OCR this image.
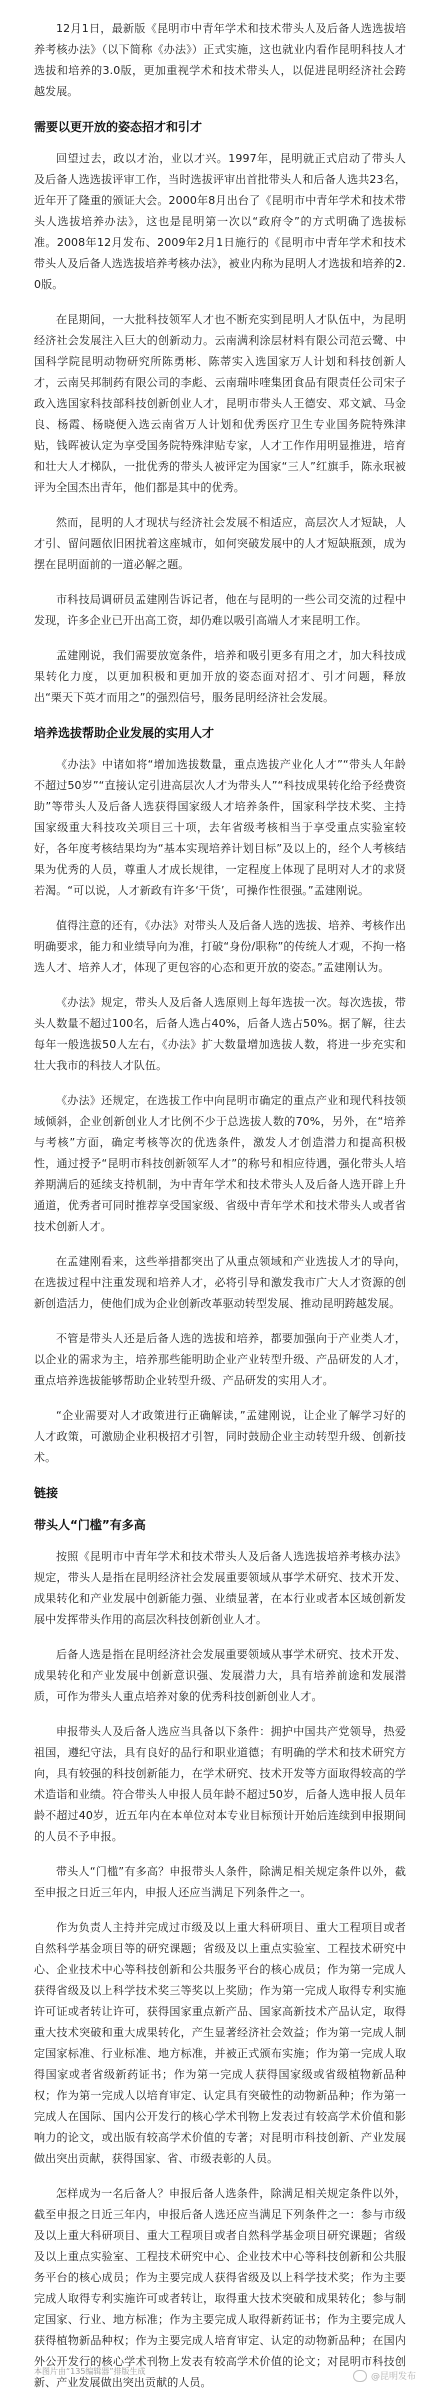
12月1日，最新版《昆明市中青年学术和技术带头人及后备人选选拔培养考核办法》（以下简称《办法》）正式实施，这也就业内看作昆明科技人才选拔和培养的3.0版，更加重视学术和技术带头人，以促进昆明经济社会跨越发展。

需要以更开放的姿态招才和引才

回望过去，政以才治，业以才兴。1997年，昆明就正式启动了带头人及后备人选选拔评审工作，当时选拔评审出首批带头人和后备人选共23名，近年开了隆重的颁证大会。2000年8月出台了《昆明市中青年学术和技术带头人选拔培养办法》，这也是昆明第一次以“政府令”的方式明确了选拔标准。2008年12月发布、2009年2月1日施行的《昆明市中青年学术和技术带头人及后备人选选拔培养考核办法》，被业内称为昆明人才选拔和培养的2.0版。

在昆期间，一大批科技领军人才也不断充实到昆明人才队伍中，为昆明经济社会发展注入巨大的创新动力。云南满利涂层材料有限公司范云鹭、中国科学院昆明动物研究所陈勇彬、陈蒂实入选国家万人计划和科技创新人才，云南吴邦制药有限公司的李彪、云南瑞咔喹集团食品有限责任公司宋子政入选国家科技部科技创新创业人才，昆明市带头人王德安、邓文斌、马金良、杨霞、杨晓便入选云南省万人计划和优秀医疗卫生专业国务院特殊津贴，钱晖被认定为享受国务院特殊津贴专家，人才工作作用明显推进，培育和壮大人才梯队，一批优秀的带头人被评定为国家“三人”红旗手，陈永珉被评为全国杰出青年，他们都是其中的优秀。

然而，昆明的人才现状与经济社会发展不相适应，高层次人才短缺，人才引、留问题依旧困扰着这座城市，如何突破发展中的人才短缺瓶颈，成为摆在昆明面前的一道必解之题。

市科技局调研员孟建刚告诉记者，他在与昆明的一些公司交流的过程中发现，许多企业已开出高工资，却仍难以吸引高端人才来昆明工作。

孟建刚说，我们需要放宽条件，培养和吸引更多有用之才，加大科技成果转化力度，以更加积极和更加开放的姿态面对招才、引才问题，释放出“栗天下英才而用之”的强烈信号，服务昆明经济社会发展。

培养选拔帮助企业发展的实用人才

《办法》中诸如将“增加选拔数量，重点选拔产业化人才”“带头人年龄不超过50岁”“直接认定引进高层次人才为带头人”“科技成果转化给予经费资助”等带头人及后备人选获得国家级人才培养条件，国家科学技术奖、主持国家级重大科技攻关项目三十项，去年省级考核相当于享受重点实验室较好，各年度考核结果均为“基本实现培养计划目标”及以上的，经个人考核结果为优秀的人员，尊重人才成长规律，一定程度上体现了昆明对人才的求贤若渴。“可以说，人才新政有许多‘干货’，可操作性很强。”孟建刚说。

值得注意的还有，《办法》对带头人及后备人选的选拔、培养、考核作出明确要求，能力和业绩导向为准，打破“身份/职称”的传统人才观，不拘一格选人才、培养人才，体现了更包容的心态和更开放的姿态。”孟建刚认为。

《办法》规定，带头人及后备人选原则上每年选拔一次。每次选拔，带头人数量不超过100名，后备人选占40%，后备人选占50%。据了解，往去每年一般选拔50人左右，《办法》扩大数量增加选拔人数，将进一步充实和壮大我市的科技人才队伍。

《办法》还规定，在选拔工作中向昆明市确定的重点产业和现代科技领域倾斜，企业创新创业人才比例不少于总选拔人数的70%，另外，在“培养与考核”方面，确定考核等次的优选条件，激发人才创造潜力和提高积极性，通过授予“昆明市科技创新领军人才”的称号和相应待遇，强化带头人培养期满后的延续支持机制，为中青年学术和技术带头人及后备人选开辟上升通道，优秀者可同时推荐享受国家级、省级中青年学术和技术带头人或者省技术创新人才。

在孟建刚看来，这些举措都突出了从重点领域和产业选拔人才的导向，在选拔过程中注重发现和培养人才，必将引导和激发我市广大人才资源的创新创造活力，使他们成为企业创新改革驱动转型发展、推动昆明跨越发展。

不管是带头人还是后备人选的选拔和培养，都要加强向于产业类人才，以企业的需求为主，培养那些能明助企业产业转型升级、产品研发的人才，重点培养选拔能够帮助企业转型升级、产品研发的实用人才。

“企业需要对人才政策进行正确解读，”孟建刚说，让企业了解学习好的人才政策，可激励企业积极招才引智，同时鼓励企业主动转型升级、创新技术。

链接
带头人“门槛”有多高

按照《昆明市中青年学术和技术带头人及后备人选选拔培养考核办法》规定，带头人是指在昆明经济社会发展重要领域从事学术研究、技术开发、成果转化和产业发展中创新能力强、业绩显著，在本行业或者本区域创新发展中发挥带头作用的高层次科技创新创业人才。

后备人选是指在昆明经济社会发展重要领域从事学术研究、技术开发、成果转化和产业发展中创新意识强、发展潜力大，具有培养前途和发展潜质，可作为带头人重点培养对象的优秀科技创新创业人才。

申报带头人及后备人选应当具备以下条件：拥护中国共产党领导，热爱祖国，遵纪守法，具有良好的品行和职业道德；有明确的学术和技术研究方向，具有较强的科技创新能力，在学术研究、技术开发等方面取得较高的学术造诣和业绩。符合带头人申报人员年龄不超过50岁，后备人选申报人员年龄不超过40岁，近五年内在本单位对本专业目标预计开始后连续到申报期间的人员不予申报。

带头人“门槛”有多高？申报带头人条件，除满足相关规定条件以外，截至申报之日近三年内，申报人还应当满足下列条件之一。

作为负责人主持并完成过市级及以上重大科研项目、重大工程项目或者自然科学基金项目等的研究课题；省级及以上重点实验室、工程技术研究中心、企业技术中心等科技创新和公共服务平台的核心成员；作为第一完成人获得省级及以上科学技术奖三等奖以上奖励；作为第一完成人取得专利实施许可证或者转让许可，获得国家重点新产品、国家高新技术产品认定，取得重大技术突破和重大成果转化，产生显著经济社会效益；作为第一完成人制定国家标准、行业标准、地方标准，并被正式颁布实施；作为第一完成人取得国家或者省级新药证书；作为第一完成人获得国家级或省级植物新品种权；作为第一完成人以培育审定、认定具有突破性的动物新品种；作为第一完成人在国际、国内公开发行的核心学术刊物上发表过有较高学术价值和影响力的论文，或出版有较高学术价值的专著；对昆明市科技创新、产业发展做出突出贡献，获得国家、省、市级表彰的人员。

怎样成为一名后备人？申报后备人选条件，除满足相关规定条件以外，截至申报之日近三年内，申报后备人选还应当满足下列条件之一：参与市级及以上重大科研项目、重大工程项目或者自然科学基金项目研究课题；省级及以上重点实验室、工程技术研究中心、企业技术中心等科技创新和公共服务平台的核心成员；作为主要完成人获得省级及以上科学技术奖；作为主要完成人取得专利实施许可或者转让，取得重大技术突破和成果转化；参与制定国家、行业、地方标准；作为主要完成人取得新药证书；作为主要完成人获得植物新品种权；作为主要完成人培育审定、认定的动物新品种；在国内外公开发行的核心学术刊物上发表有较高学术价值的论文；对昆明市科技创新、产业发展做出突出贡献的人员。

本图片由“135编辑器”排版生成
@昆明发布
